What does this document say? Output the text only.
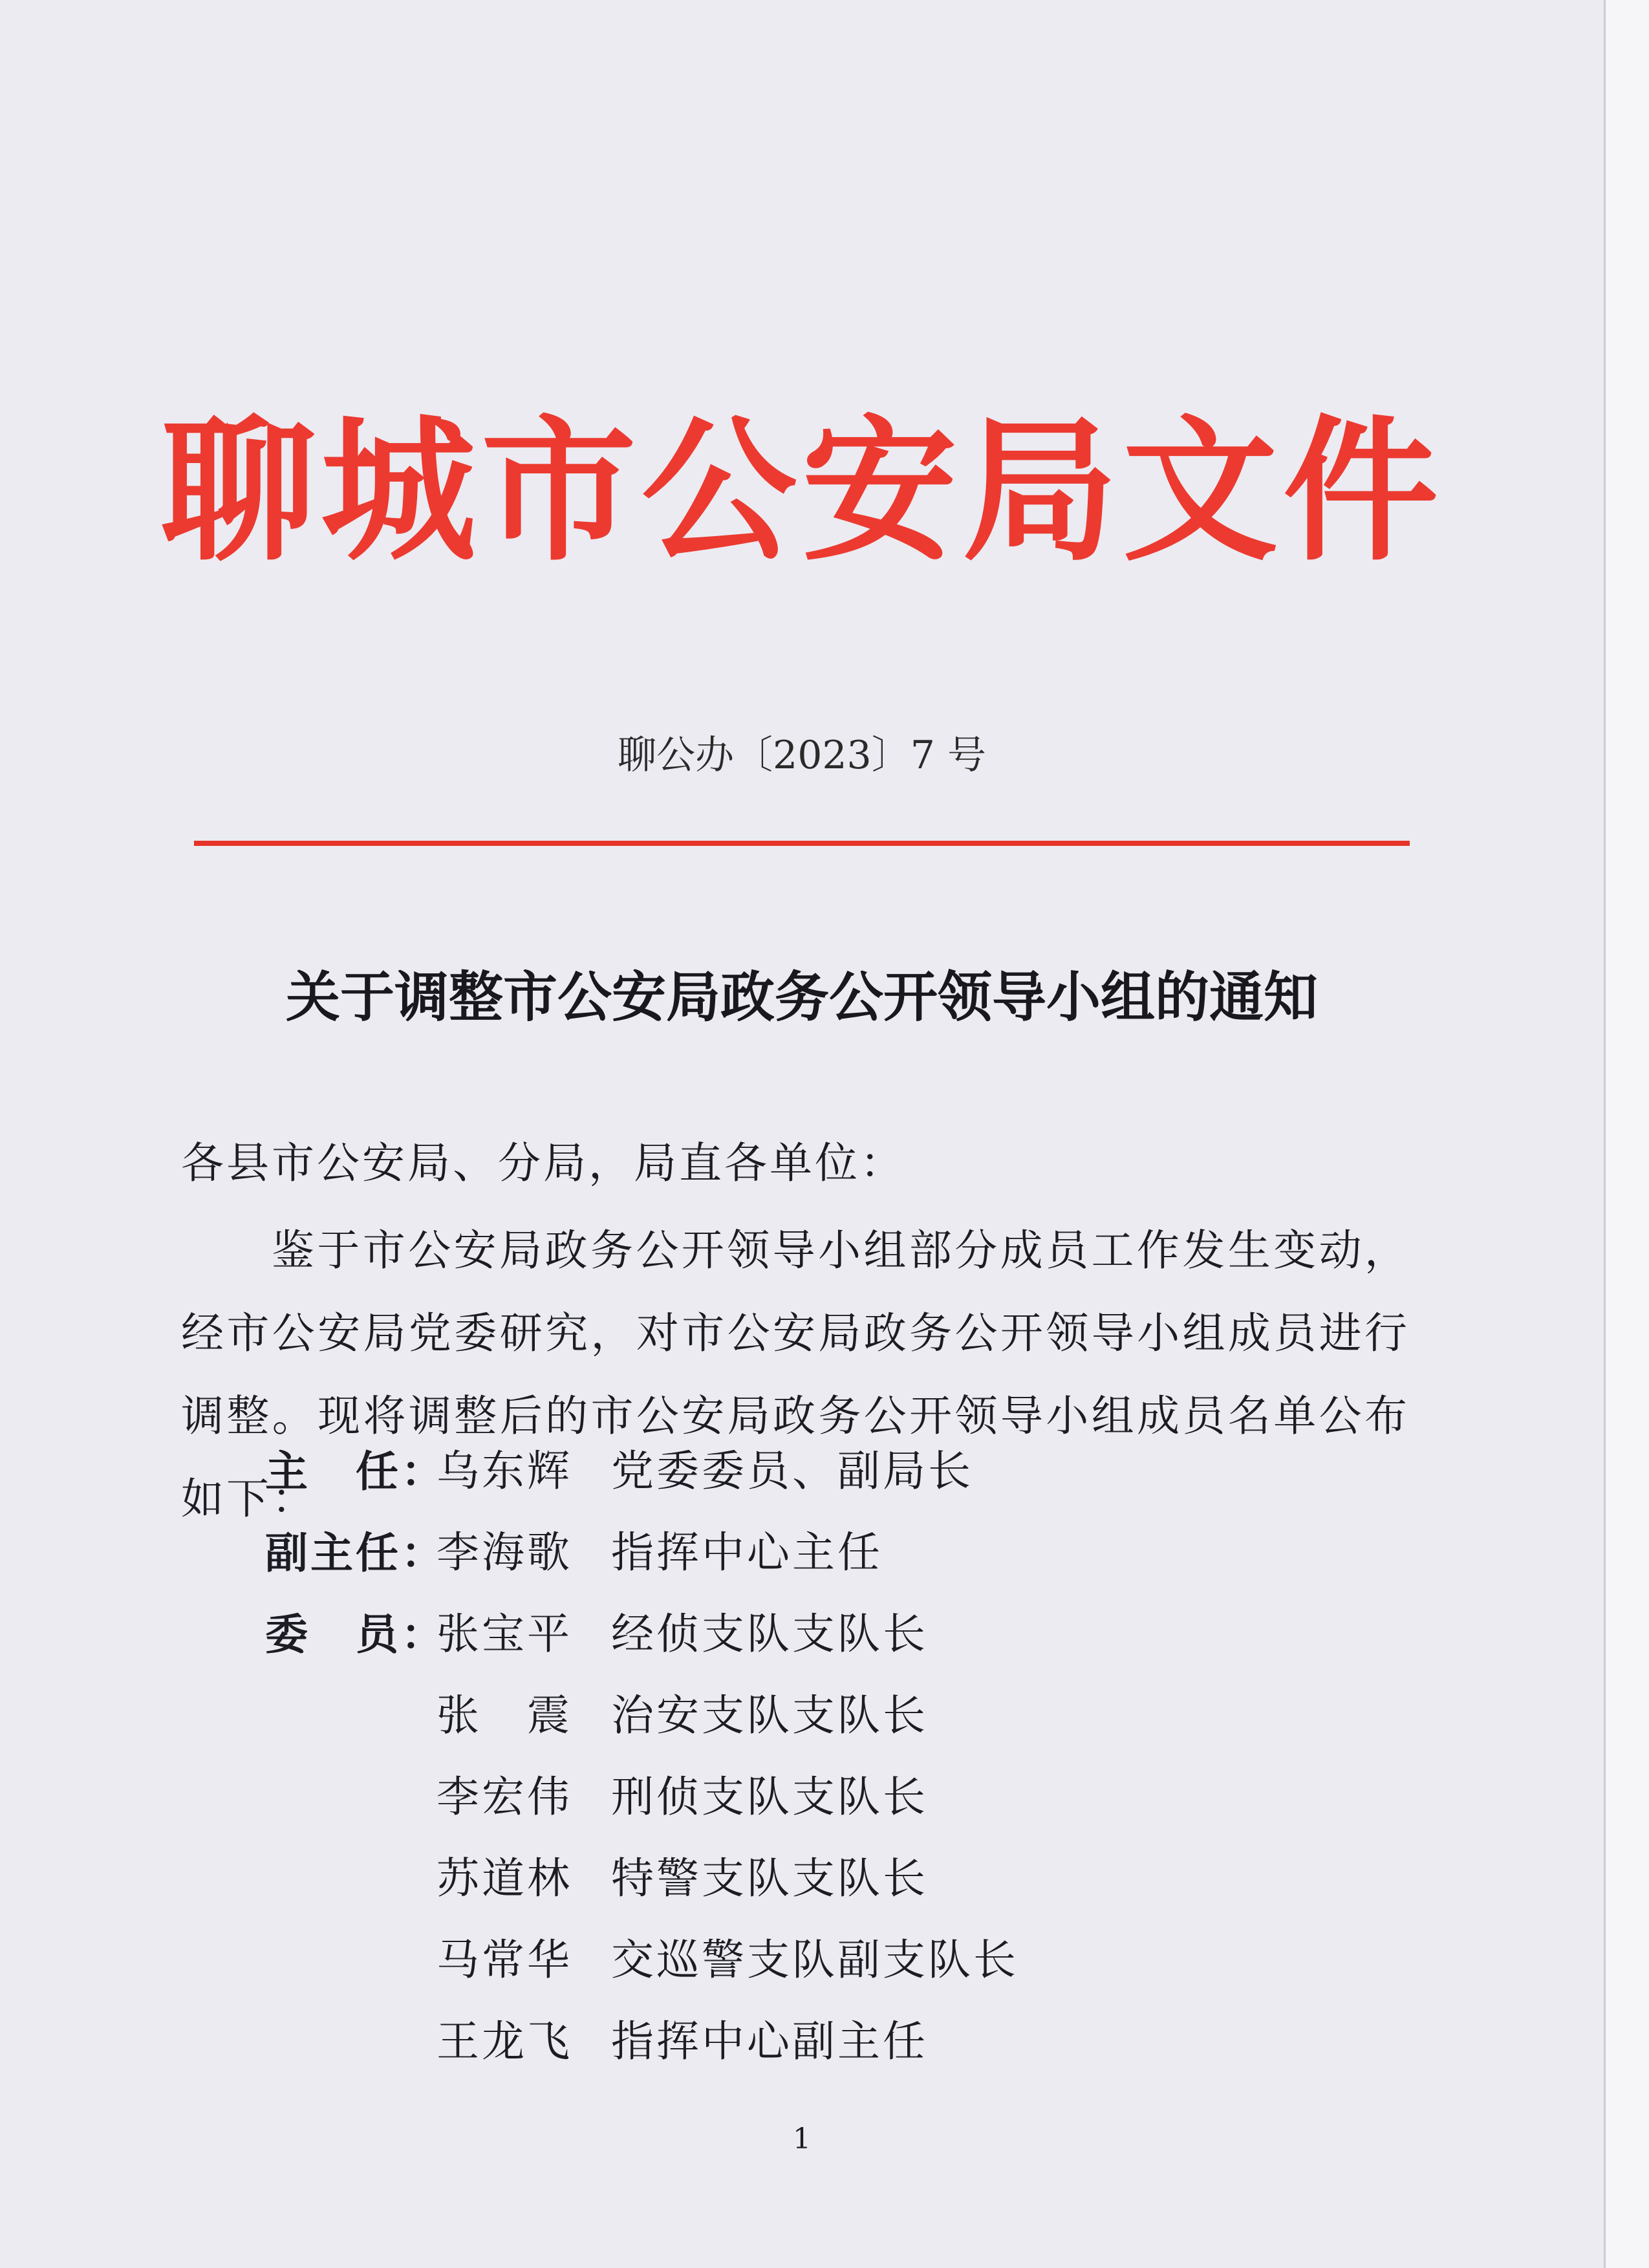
聊城市公安局文件
聊公办〔2023〕7 号
关于调整市公安局政务公开领导小组的通知
各县市公安局、分局，局直各单位：
鉴于市公安局政务公开领导小组部分成员工作发生变动，经市公安局党委研究，对市公安局政务公开领导小组成员进行调整。现将调整后的市公安局政务公开领导小组成员名单公布如下：
主　任：
乌东辉 党委委员、副局长
副主任：
李海歌 指挥中心主任
委　员：
张宝平 经侦支队支队长
张　震 治安支队支队长
李宏伟 刑侦支队支队长
苏道林 特警支队支队长
马常华 交巡警支队副支队长
王龙飞 指挥中心副主任
1
